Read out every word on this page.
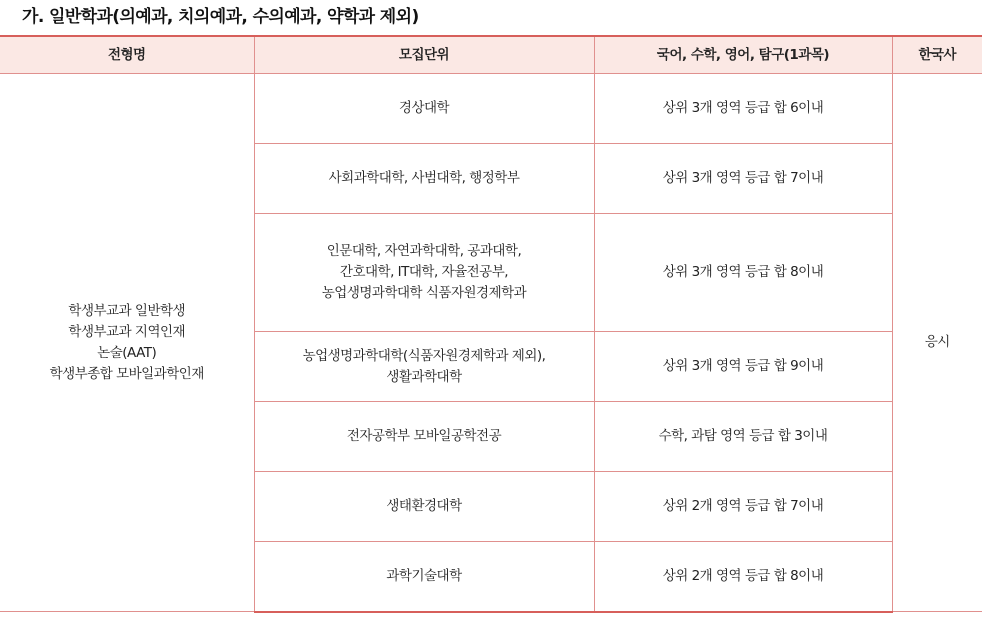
가. 일반학과(의예과, 치의예과, 수의예과, 약학과 제외)
전형명	모집단위	국어, 수학, 영어, 탐구(1과목)	한국사

학생부교과 일반학생
학생부교과 지역인재
논술(AAT)
학생부종합 모바일과학인재	경상대학	상위 3개 영역 등급 합 6이내	응시

	사회과학대학, 사범대학, 행정학부	상위 3개 영역 등급 합 7이내	

	인문대학, 자연과학대학, 공과대학,
간호대학, IT대학, 자율전공부,
농업생명과학대학 식품자원경제학과	상위 3개 영역 등급 합 8이내	

	농업생명과학대학(식품자원경제학과 제외),
생활과학대학	상위 3개 영역 등급 합 9이내	

	전자공학부 모바일공학전공	수학, 과탐 영역 등급 합 3이내	

	생태환경대학	상위 2개 영역 등급 합 7이내	

	과학기술대학	상위 2개 영역 등급 합 8이내	
